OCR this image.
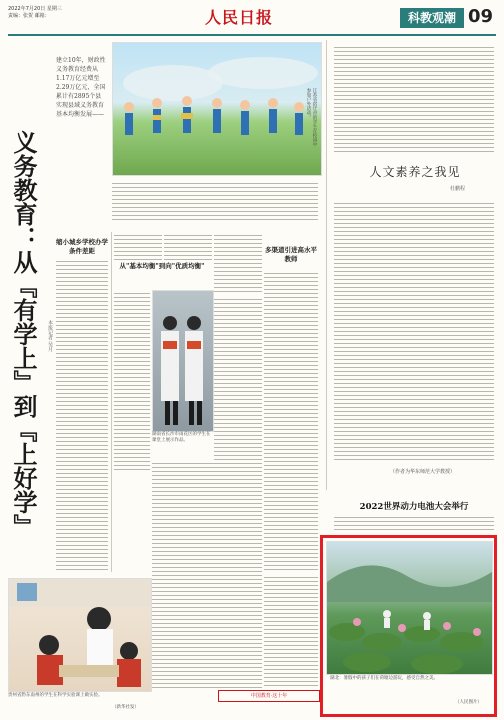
2022年7月20日 星期三
责编：张贺 邮箱：	人民日报	科教观潮 09
建立10年，财政性义务教育经费从1.17万亿元增至2.29万亿元，全国累计有2895个县实现县域义务教育基本均衡发展——
义务教育：从『有学上』到『上好学』
本报记者 吴月
江苏省宿迁市的学生在校园中参加户外活动。
缩小城乡学校办学条件差距
从"基本均衡"到向"优质均衡"
多渠道引进高水平教师
湖南省长沙市雨花区的学生在课堂上展示作品。
中国教育·这十年
贵州省黔东南州的学生在科学实验课上做实验。
（新华社发）
人文素养之我见
杜鹏程
（作者为华东师范大学教授）
2022世界动力电池大会举行
湖北：暑假中的孩子们在荷塘边游玩，感受自然之美。
（人民图片）
